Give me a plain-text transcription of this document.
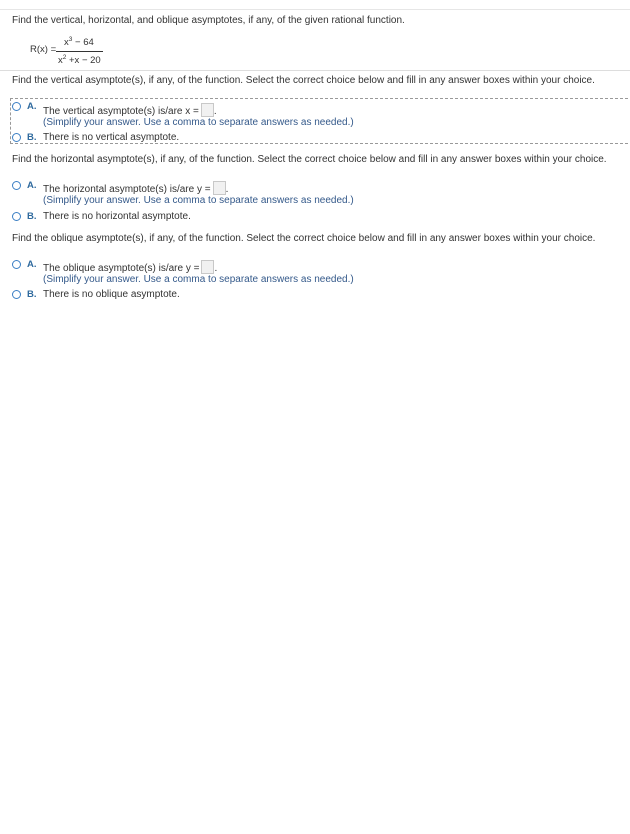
Find the vertical, horizontal, and oblique asymptotes, if any, of the given rational function.
R(x) =
$x^3 - 64$
$x^2 +x - 20$
Find the vertical asymptote(s), if any, of the function. Select the correct choice below and fill in any answer boxes within your choice.
A. The vertical asymptote(s) is/are x = .
(Simplify your answer. Use a comma to separate answers as needed.)
B. There is no vertical asymptote.
Find the horizontal asymptote(s), if any, of the function. Select the correct choice below and fill in any answer boxes within your choice.
A. The horizontal asymptote(s) is/are y = .
(Simplify your answer. Use a comma to separate answers as needed.)
B. There is no horizontal asymptote.
Find the oblique asymptote(s), if any, of the function. Select the correct choice below and fill in any answer boxes within your choice.
A. The oblique asymptote(s) is/are y = .
(Simplify your answer. Use a comma to separate answers as needed.)
B. There is no oblique asymptote.
